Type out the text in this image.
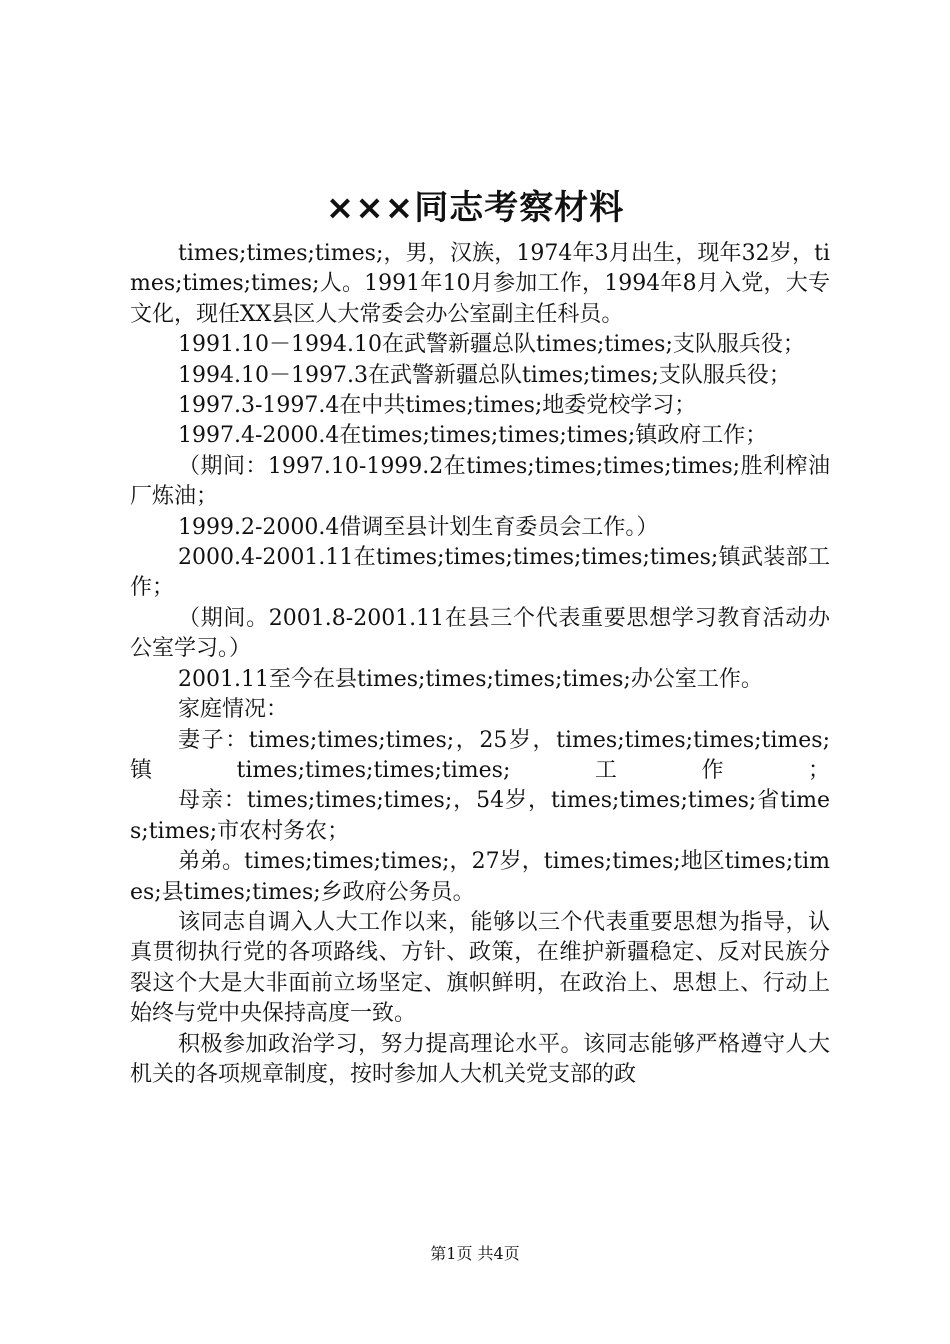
×××同志考察材料

times;times;times;，男，汉族，1974年3月出生，现年32岁，times;times;times;人。1991年10月参加工作，1994年8月入党，大专文化，现任XX县区人大常委会办公室副主任科员。

1991.10－1994.10在武警新疆总队times;times;支队服兵役；

1994.10－1997.3在武警新疆总队times;times;支队服兵役；

1997.3-1997.4在中共times;times;地委党校学习；

1997.4-2000.4在times;times;times;times;镇政府工作；

（期间：1997.10-1999.2在times;times;times;times;胜利榨油厂炼油；

1999.2-2000.4借调至县计划生育委员会工作。）

2000.4-2001.11在times;times;times;times;times;镇武装部工作；

（期间。2001.8-2001.11在县三个代表重要思想学习教育活动办公室学习。）

2001.11至今在县times;times;times;times;办公室工作。

家庭情况：

妻子：times;times;times;，25岁，times;times;times;times;镇times;times;times;times;工作；

母亲：times;times;times;，54岁，times;times;times;省times;times;市农村务农；

弟弟。times;times;times;，27岁，times;times;地区times;times;县times;times;乡政府公务员。

该同志自调入人大工作以来，能够以三个代表重要思想为指导，认真贯彻执行党的各项路线、方针、政策，在维护新疆稳定、反对民族分裂这个大是大非面前立场坚定、旗帜鲜明，在政治上、思想上、行动上始终与党中央保持高度一致。

积极参加政治学习，努力提高理论水平。该同志能够严格遵守人大机关的各项规章制度，按时参加人大机关党支部的政

第1页 共4页
